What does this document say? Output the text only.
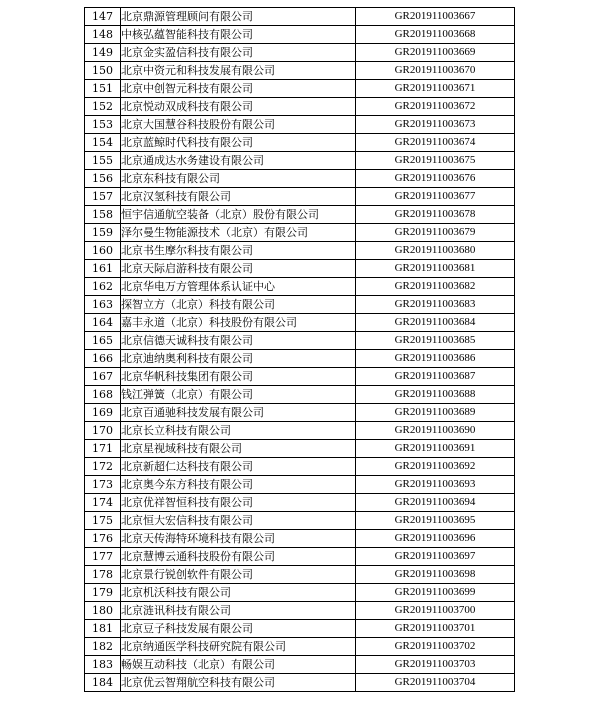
147	北京鼎源管理顾问有限公司	GR201911003667
148	中核弘蕴智能科技有限公司	GR201911003668
149	北京金实盈信科技有限公司	GR201911003669
150	北京中资元和科技发展有限公司	GR201911003670
151	北京中创智元科技有限公司	GR201911003671
152	北京悦动双成科技有限公司	GR201911003672
153	北京大国慧谷科技股份有限公司	GR201911003673
154	北京蓝鲸时代科技有限公司	GR201911003674
155	北京通成达水务建设有限公司	GR201911003675
156	北京东科技有限公司	GR201911003676
157	北京汉氢科技有限公司	GR201911003677
158	恒宇信通航空装备（北京）股份有限公司	GR201911003678
159	泽尔曼生物能源技术（北京）有限公司	GR201911003679
160	北京书生摩尔科技有限公司	GR201911003680
161	北京天际启游科技有限公司	GR201911003681
162	北京华电万方管理体系认证中心	GR201911003682
163	探智立方（北京）科技有限公司	GR201911003683
164	嘉丰永道（北京）科技股份有限公司	GR201911003684
165	北京信德天诚科技有限公司	GR201911003685
166	北京迪纳奥利科技有限公司	GR201911003686
167	北京华帆科技集团有限公司	GR201911003687
168	钱江弹簧（北京）有限公司	GR201911003688
169	北京百通驰科技发展有限公司	GR201911003689
170	北京长立科技有限公司	GR201911003690
171	北京星视域科技有限公司	GR201911003691
172	北京新超仁达科技有限公司	GR201911003692
173	北京奥今东方科技有限公司	GR201911003693
174	北京优祥智恒科技有限公司	GR201911003694
175	北京恒大宏信科技有限公司	GR201911003695
176	北京天传海特环境科技有限公司	GR201911003696
177	北京慧博云通科技股份有限公司	GR201911003697
178	北京景行锐创软件有限公司	GR201911003698
179	北京机沃科技有限公司	GR201911003699
180	北京涟讯科技有限公司	GR201911003700
181	北京豆子科技发展有限公司	GR201911003701
182	北京纳通医学科技研究院有限公司	GR201911003702
183	畅娱互动科技（北京）有限公司	GR201911003703
184	北京优云智翔航空科技有限公司	GR201911003704
